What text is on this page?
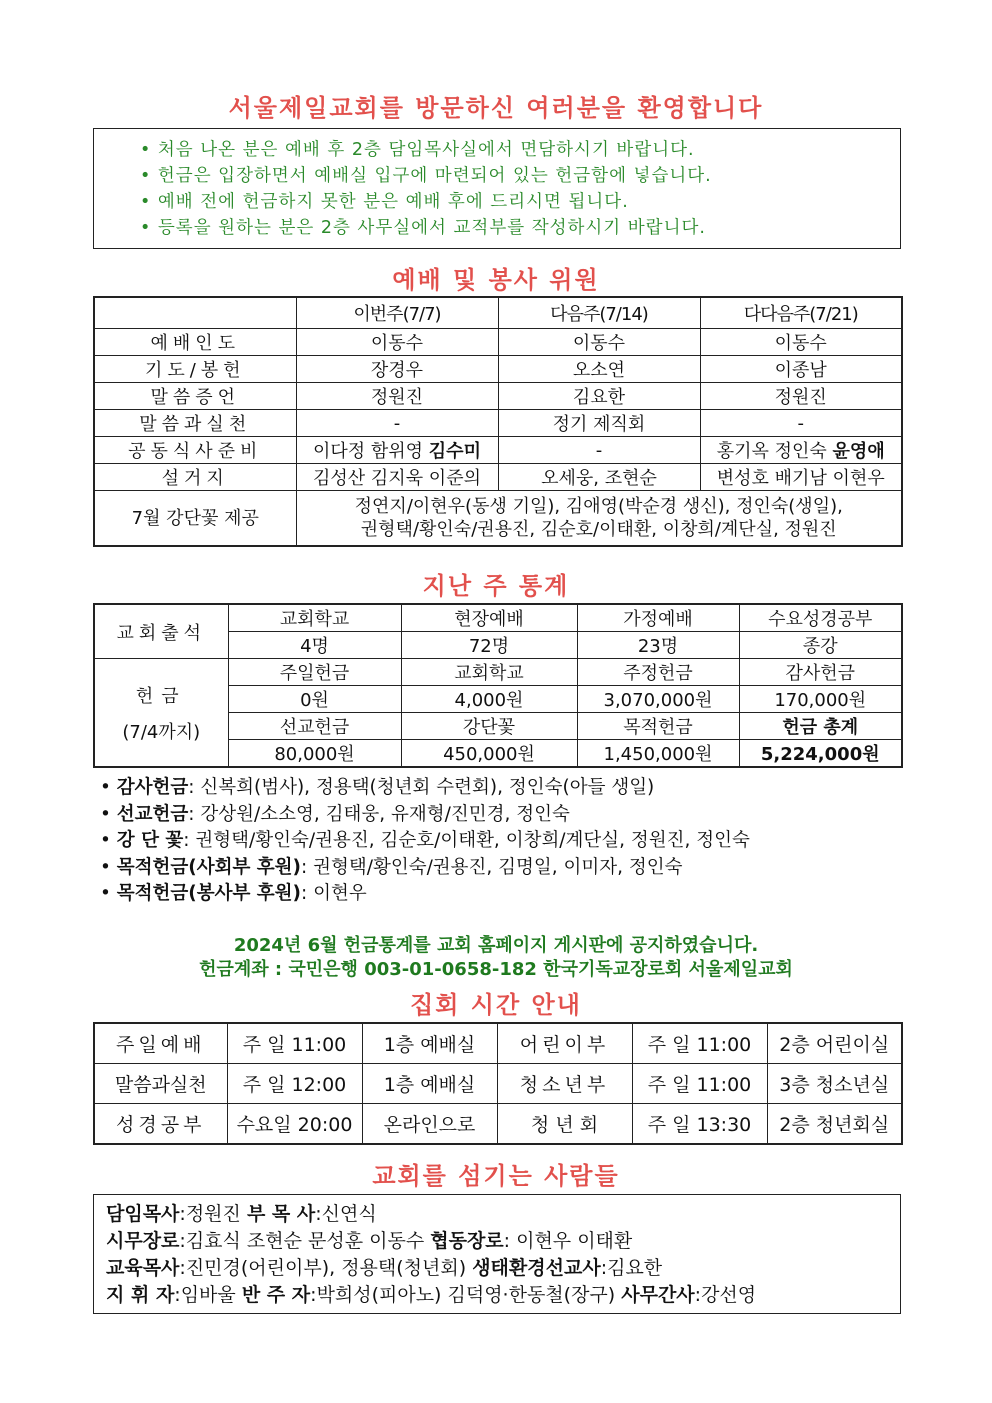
서울제일교회를 방문하신 여러분을 환영합니다
• 처음 나온 분은 예배 후 2층 담임목사실에서 면담하시기 바랍니다.
• 헌금은 입장하면서 예배실 입구에 마련되어 있는 헌금함에 넣습니다.
• 예배 전에 헌금하지 못한 분은 예배 후에 드리시면 됩니다.
• 등록을 원하는 분은 2층 사무실에서 교적부를 작성하시기 바랍니다.
예배 및 봉사 위원
	이번주(7/7)	다음주(7/14)	다다음주(7/21)
예배인도	이동수	이동수	이동수
기도/봉헌	장경우	오소연	이종남
말씀증언	정원진	김요한	정원진
말씀과실천	-	정기 제직회	-
공동식사준비	이다정 함위영 김수미	-	홍기옥 정인숙 윤영애
설거지	김성산 김지욱 이준의	오세웅, 조현순	변성호 배기남 이현우
7월 강단꽃 제공	정연지/이현우(동생 기일), 김애영(박순경 생신), 정인숙(생일),
권형택/황인숙/권용진, 김순호/이태환, 이창희/계단실, 정원진		
지난 주 통계
교회출석	교회학교	현장예배	가정예배	수요성경공부
	4명	72명	23명	종강

헌금
(7/4까지)	주일헌금	교회학교	주정헌금	감사헌금
	0원	4,000원	3,070,000원	170,000원
	선교헌금	강단꽃	목적헌금	헌금 총계
	80,000원	450,000원	1,450,000원	5,224,000원
• 감사헌금: 신복희(범사), 정용택(청년회 수련회), 정인숙(아들 생일)
• 선교헌금: 강상원/소소영, 김태웅, 유재형/진민경, 정인숙
• 강 단 꽃: 권형택/황인숙/권용진, 김순호/이태환, 이창희/계단실, 정원진, 정인숙
• 목적헌금(사회부 후원): 권형택/황인숙/권용진, 김명일, 이미자, 정인숙
• 목적헌금(봉사부 후원): 이현우
2024년 6월 헌금통계를 교회 홈페이지 게시판에 공지하였습니다.
헌금계좌 : 국민은행 003-01-0658-182 한국기독교장로회 서울제일교회
집회 시간 안내
주일예배	주 일 11:00	1층 예배실	어린이부	주 일 11:00	2층 어린이실
말씀과실천	주 일 12:00	1층 예배실	청소년부	주 일 11:00	3층 청소년실
성경공부	수요일 20:00	온라인으로	청 년 회	주 일 13:30	2층 청년회실
교회를 섬기는 사람들
담임목사:정원진 부 목 사:신연식
시무장로:김효식 조현순 문성훈 이동수 협동장로: 이현우 이태환
교육목사:진민경(어린이부), 정용택(청년회) 생태환경선교사:김요한
지 휘 자:임바울 반 주 자:박희성(피아노) 김덕영·한동철(장구) 사무간사:강선영
